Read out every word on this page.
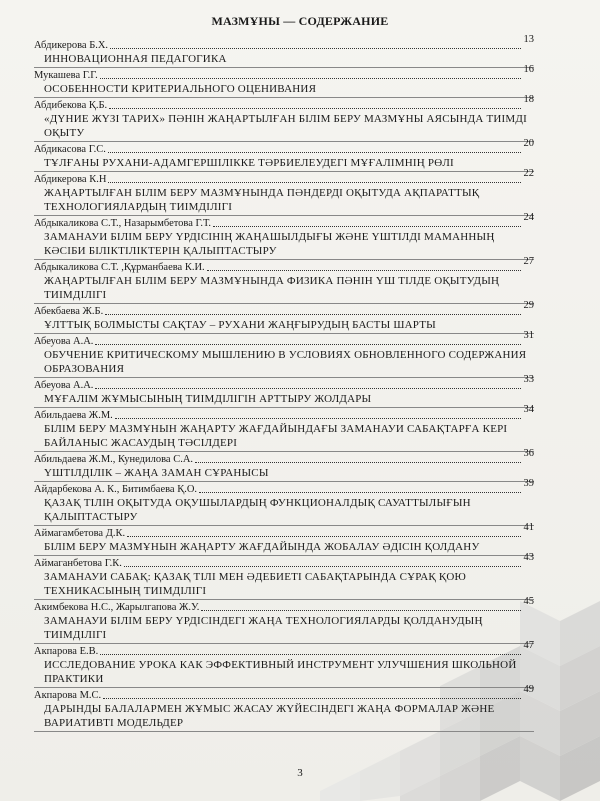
МАЗМҰНЫ — СОДЕРЖАНИЕ
Абдикерова Б.Х.
13
ИННОВАЦИОННАЯ ПЕДАГОГИКА
Мукашева Г.Г.
16
ОСОБЕННОСТИ КРИТЕРИАЛЬНОГО ОЦЕНИВАНИЯ
Абдибекова Қ.Б.
18
«ДҮНИЕ ЖҮЗІ ТАРИХ» ПӘНІН ЖАҢАРТЫЛҒАН БІЛІМ БЕРУ МАЗМҰНЫ АЯСЫНДА ТИІМДІ ОҚЫТУ
Абдикасова Г.С.
20
ТҰЛҒАНЫ РУХАНИ-АДАМГЕРШІЛІККЕ ТӘРБИЕЛЕУДЕГІ МҰҒАЛІМНІҢ РӨЛІ
Абдикерова К.Н
22
ЖАҢАРТЫЛҒАН БІЛІМ БЕРУ МАЗМҰНЫНДА ПӘНДЕРДІ ОҚЫТУДА АҚПАРАТТЫҚ ТЕХНОЛОГИЯЛАРДЫҢ ТИІМДІЛІГІ
Абдыкаликова С.Т., Назарымбетова Г.Т.
24
ЗАМАНАУИ БІЛІМ БЕРУ ҮРДІСІНІҢ ЖАҢАШЫЛДЫҒЫ ЖӘНЕ ҮШТІЛДІ МАМАННЫҢ КӘСІБИ БІЛІКТІЛІКТЕРІН ҚАЛЫПТАСТЫРУ
Абдыкаликова С.Т. ,Құрманбаева К.И.
27
ЖАҢАРТЫЛҒАН БІЛІМ БЕРУ МАЗМҰНЫНДА ФИЗИКА ПӘНІН ҮШ ТІЛДЕ ОҚЫТУДЫҢ ТИІМДІЛІГІ
Абекбаева Ж.Б.
29
ҰЛТТЫҚ БОЛМЫСТЫ САҚТАУ – РУХАНИ ЖАҢҒЫРУДЫҢ БАСТЫ ШАРТЫ
Абеуова А.А.
31
ОБУЧЕНИЕ КРИТИЧЕСКОМУ МЫШЛЕНИЮ В УСЛОВИЯХ ОБНОВЛЕННОГО СОДЕРЖАНИЯ ОБРАЗОВАНИЯ
Абеуова А.А.
33
МҰҒАЛІМ ЖҰМЫСЫНЫҢ ТИІМДІЛІГІН АРТТЫРУ ЖОЛДАРЫ
Абильдаева Ж.М.
34
БІЛІМ БЕРУ МАЗМҰНЫН ЖАҢАРТУ ЖАҒДАЙЫНДАҒЫ ЗАМАНАУИ САБАҚТАРҒА КЕРІ БАЙЛАНЫС ЖАСАУДЫҢ ТӘСІЛДЕРІ
Абильдаева Ж.М., Кунедилова С.А.
36
ҮШТІЛДІЛІК – ЖАҢА ЗАМАН СҰРАНЫСЫ
Айдарбекова А. К., Битимбаева Қ.О.
39
ҚАЗАҚ ТІЛІН ОҚЫТУДА ОҚУШЫЛАРДЫҢ ФУНКЦИОНАЛДЫҚ САУАТТЫЛЫҒЫН ҚАЛЫПТАСТЫРУ
Аймагамбетова Д.К.
41
БІЛІМ БЕРУ МАЗМҰНЫН ЖАҢАРТУ ЖАҒДАЙЫНДА ЖОБАЛАУ ӘДІСІН ҚОЛДАНУ
Аймаганбетова Г.К.
43
ЗАМАНАУИ САБАҚ: ҚАЗАҚ ТІЛІ МЕН ӘДЕБИЕТІ САБАҚТАРЫНДА СҰРАҚ ҚОЮ ТЕХНИКАСЫНЫҢ ТИІМДІЛІГІ
Акимбекова Н.С., Жарылгапова Ж.У.
45
ЗАМАНАУИ БІЛІМ БЕРУ ҮРДІСІНДЕГІ ЖАҢА ТЕХНОЛОГИЯЛАРДЫ ҚОЛДАНУДЫҢ ТИІМДІЛІГІ
Акпарова Е.В.
47
ИССЛЕДОВАНИЕ УРОКА КАК ЭФФЕКТИВНЫЙ ИНСТРУМЕНТ УЛУЧШЕНИЯ ШКОЛЬНОЙ ПРАКТИКИ
Акпарова М.С.
49
ДАРЫНДЫ БАЛАЛАРМЕН ЖҰМЫС ЖАСАУ ЖҮЙЕСІНДЕГІ ЖАҢА ФОРМАЛАР ЖӘНЕ ВАРИАТИВТІ МОДЕЛЬДЕР
3
